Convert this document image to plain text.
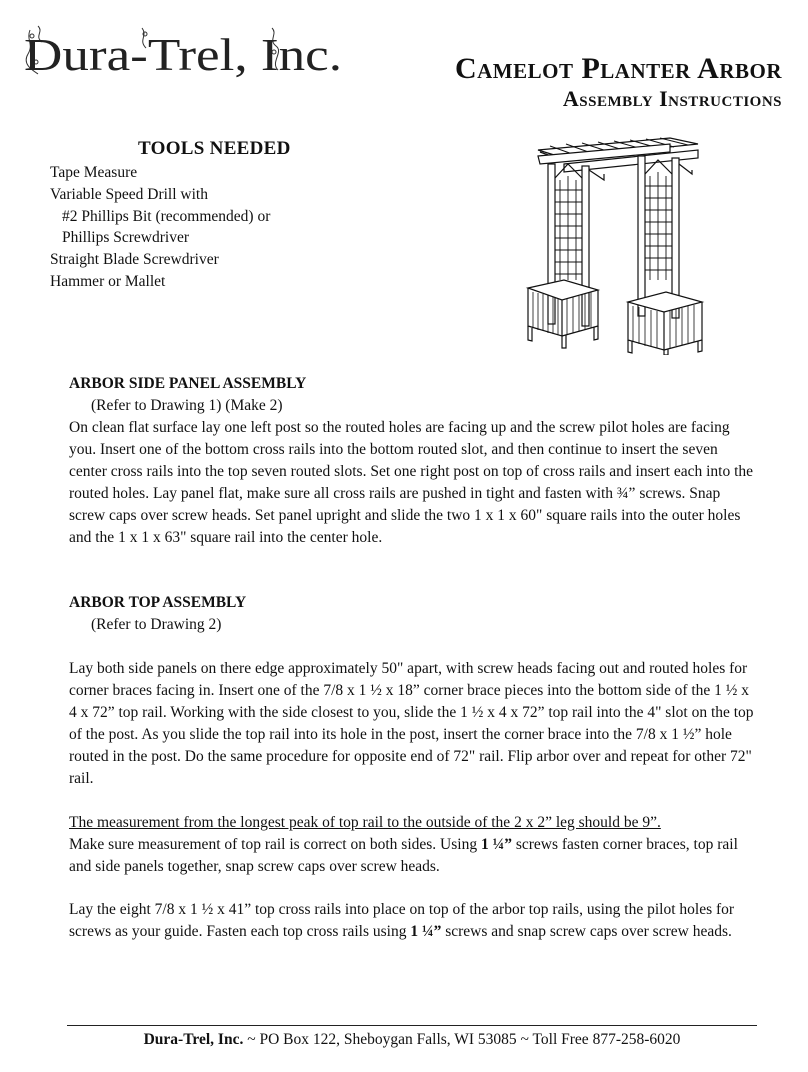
Dura-Trel, Inc.	Camelot Planter Arbor
Assembly Instructions
TOOLS NEEDED
Tape Measure
Variable Speed Drill with
#2 Phillips Bit (recommended) or
Phillips Screwdriver
Straight Blade Screwdriver
Hammer or Mallet
ARBOR SIDE PANEL ASSEMBLY
(Refer to Drawing 1) (Make 2)

On clean flat surface lay one left post so the routed holes are facing up and the screw pilot holes are facing you. Insert one of the bottom cross rails into the bottom routed slot, and then continue to insert the seven center cross rails into the top seven routed slots. Set one right post on top of cross rails and insert each into the routed holes. Lay panel flat, make sure all cross rails are pushed in tight and fasten with ¾” screws. Snap screw caps over screw heads. Set panel upright and slide the two 1 x 1 x 60" square rails into the outer holes and the 1 x 1 x 63" square rail into the center hole.

ARBOR TOP ASSEMBLY
(Refer to Drawing 2)

Lay both side panels on there edge approximately 50" apart, with screw heads facing out and routed holes for corner braces facing in. Insert one of the 7/8 x 1 ½ x 18” corner brace pieces into the bottom side of the 1 ½ x 4 x 72” top rail. Working with the side closest to you, slide the 1 ½ x 4 x 72” top rail into the 4" slot on the top of the post. As you slide the top rail into its hole in the post, insert the corner brace into the 7/8 x 1 ½” hole routed in the post. Do the same procedure for opposite end of 72" rail. Flip arbor over and repeat for other 72" rail.

The measurement from the longest peak of top rail to the outside of the 2 x 2” leg should be 9”.

Make sure measurement of top rail is correct on both sides. Using 1 ¼” screws fasten corner braces, top rail and side panels together, snap screw caps over screw heads.

Lay the eight 7/8 x 1 ½ x 41” top cross rails into place on top of the arbor top rails, using the pilot holes for screws as your guide. Fasten each top cross rails using 1 ¼” screws and snap screw caps over screw heads.

Dura-Trel, Inc. ~ PO Box 122, Sheboygan Falls, WI 53085 ~ Toll Free 877-258-6020
